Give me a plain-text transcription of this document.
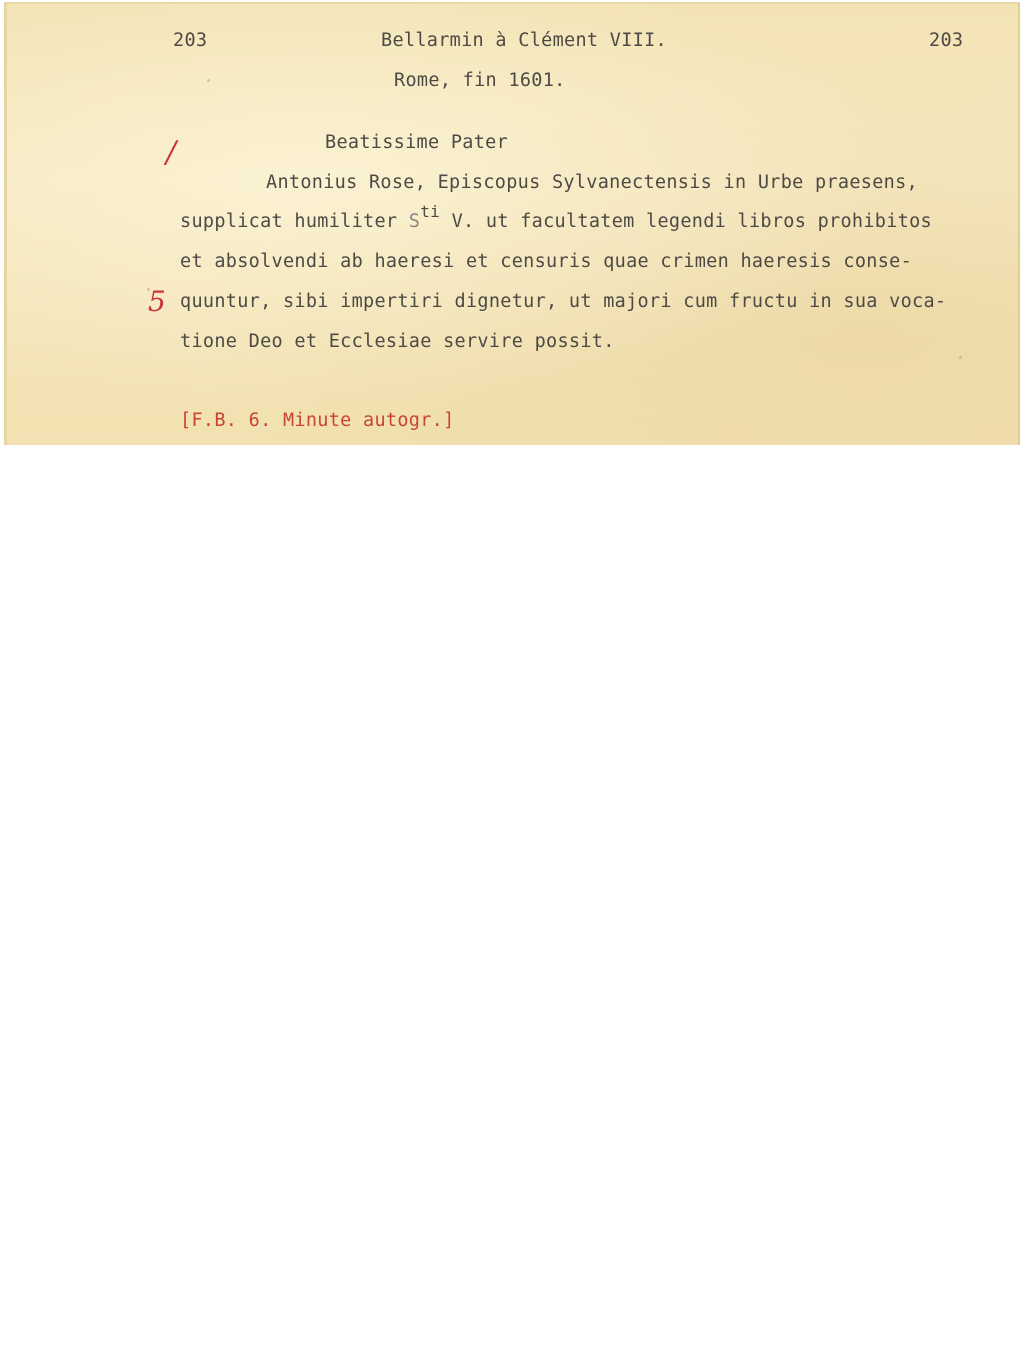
203	Bellarmin à Clément VIII.	203
Rome, fin 1601.
/
5
Beatissime Pater
Antonius Rose, Episcopus Sylvanectensis in Urbe praesens,
supplicat humiliter Sti V. ut facultatem legendi libros prohibitos
et absolvendi ab haeresi et censuris quae crimen haeresis conse-
quuntur, sibi impertiri dignetur, ut majori cum fructu in sua voca-
tione Deo et Ecclesiae servire possit.
[F.B. 6. Minute autogr.]
